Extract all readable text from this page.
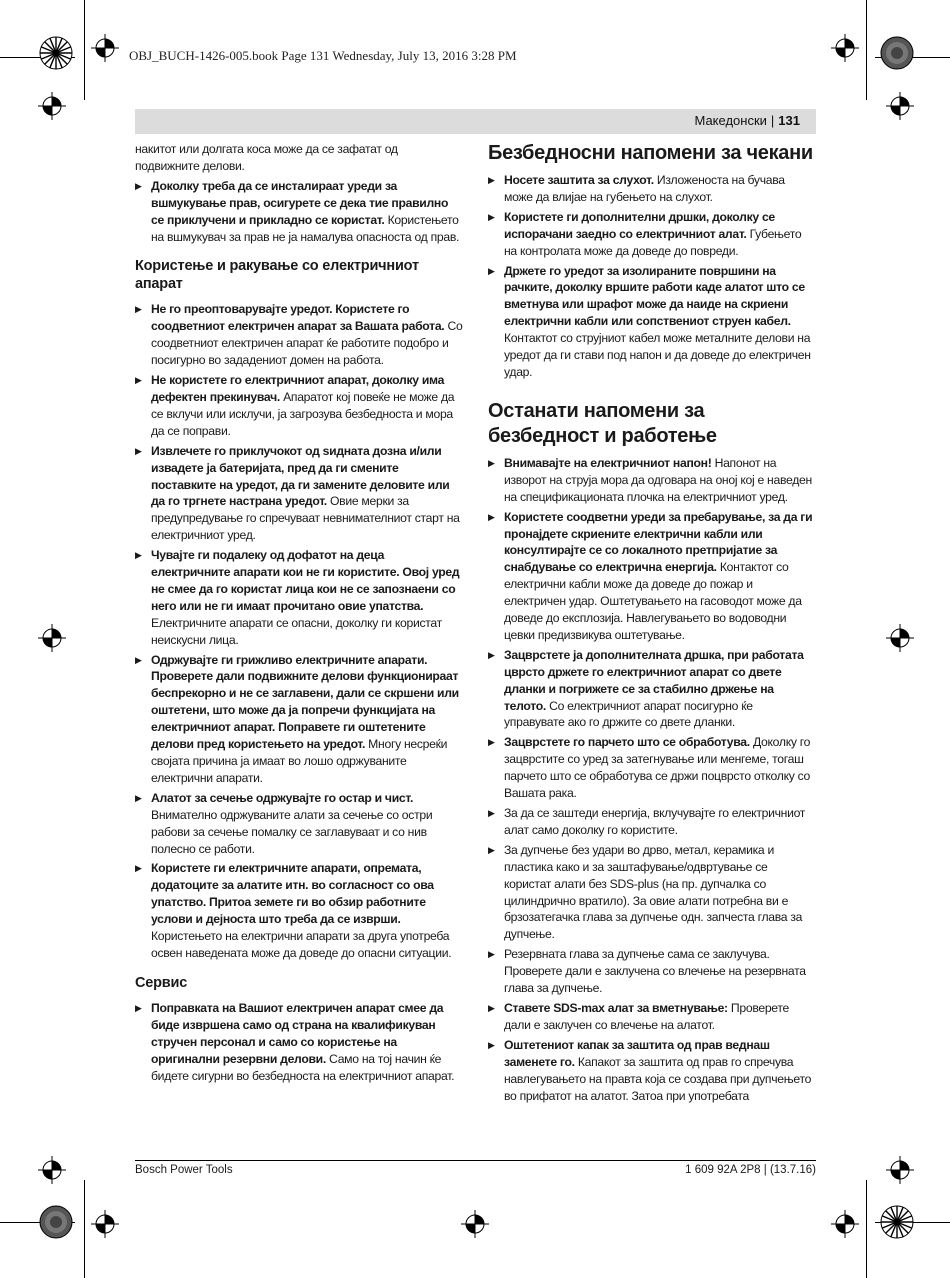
OBJ_BUCH-1426-005.book Page 131 Wednesday, July 13, 2016 3:28 PM
Македонски | 131

накитот или долгата коса може да се зафатат од подвижните делови.

▶ Доколку треба да се инсталираат уреди за вшмукување прав, осигурете се дека тие правилно се приклучени и прикладно се користат. Користењето на вшмукувач за прав не ја намалува опасноста од прав.
Користење и ракување со електричниот апарат
▶ Не го преоптоварувајте уредот. Користете го соодветниот електричен апарат за Вашата работа. Со соодветниот електричен апарат ќе работите подобро и посигурно во зададениот домен на работа.
▶ Не користете го електричниот апарат, доколку има дефектен прекинувач. Апаратот кој повеќе не може да се вклучи или исклучи, ја загрозува безбедноста и мора да се поправи.
▶ Извлечете го приклучокот од ѕидната дозна и/или извадете ја батеријата, пред да ги смените поставките на уредот, да ги замените деловите или да го тргнете настрана уредот. Овие мерки за предупредување го спречуваат невнимателниот старт на електричниот уред.
▶ Чувајте ги подалеку од дофатот на деца електричните апарати кои не ги користите. Овој уред не смее да го користат лица кои не се запознаени со него или не ги имаат прочитано овие упатства. Електричните апарати се опасни, доколку ги користат неискусни лица.
▶ Одржувајте ги грижливо електричните апарати. Проверете дали подвижните делови функционираат беспрекорно и не се заглавени, дали се скршени или оштетени, што може да ја попречи функцијата на електричниот апарат. Поправете ги оштетените делови пред користењето на уредот. Многу несреќи својата причина ја имаат во лошо одржуваните електрични апарати.
▶ Алатот за сечење одржувајте го остар и чист. Внимателно одржуваните алати за сечење со остри рабови за сечење помалку се заглавуваат и со нив полесно се работи.
▶ Користете ги електричните апарати, опремата, додатоците за алатите итн. во согласност со ова упатство. Притоа земете ги во обзир работните услови и дејноста што треба да се изврши. Користењето на електрични апарати за друга употреба освен наведената може да доведе до опасни ситуации.
Сервис
▶ Поправката на Вашиот електричен апарат смее да биде извршена само од страна на квалификуван стручен персонал и само со користење на оригинални резервни делови. Само на тој начин ќе бидете сигурни во безбедноста на електричниот апарат.
Безбедносни напомени за чекани
▶ Носете заштита за слухот. Изложеноста на бучава може да влијае на губењето на слухот.
▶ Користете ги дополнителни дршки, доколку се испорачани заедно со електричниот алат. Губењето на контролата може да доведе до повреди.
▶ Држете го уредот за изолираните површини на рачките, доколку вршите работи каде алатот што се вметнува или шрафот може да наиде на скриени електрични кабли или сопствениот струен кабел. Контактот со струјниот кабел може металните делови на уредот да ги стави под напон и да доведе до електричен удар.
Останати напомени за безбедност и работење
▶ Внимавајте на електричниот напон! Напонот на изворот на струја мора да одговара на оној кој е наведен на спецификационата плочка на електричниот уред.
▶ Користете соодветни уреди за пребарување, за да ги пронајдете скриените електрични кабли или консултирајте се со локалното претпријатие за снабдување со електрична енергија. Контактот со електрични кабли може да доведе до пожар и електричен удар. Оштетувањето на гасоводот може да доведе до експлозија. Навлегувањето во водоводни цевки предизвикува оштетување.
▶ Зацврстете ја дополнителната дршка, при работата цврсто држете го електричниот апарат со двете дланки и погрижете се за стабилно држење на телото. Со електричниот апарат посигурно ќе управувате ако го држите со двете дланки.
▶ Зацврстете го парчето што се обработува. Доколку го зацврстите со уред за затегнување или менгеме, тогаш парчето што се обработува се држи поцврсто отколку со Вашата рака.
▶ За да се заштеди енергија, вклучувајте го електричниот алат само доколку го користите.
▶ За дупчење без удари во дрво, метал, керамика и пластика како и за заштафување/одвртување се користат алати без SDS-plus (на пр. дупчалка со цилиндрично вратило). За овие алати потребна ви е брзозатегачка глава за дупчење одн. запчеста глава за дупчење.
▶ Резервната глава за дупчење сама се заклучува. Проверете дали е заклучена со влечење на резервната глава за дупчење.
▶ Ставете SDS-max алат за вметнување: Проверете дали е заклучен со влечење на алатот.
▶ Оштетениот капак за заштита од прав веднаш заменете го. Капакот за заштита од прав го спречува навлегувањето на правта која се создава при дупчењето во прифатот на алатот. Затоа при употребата
Bosch Power Tools	1 609 92A 2P8 | (13.7.16)
